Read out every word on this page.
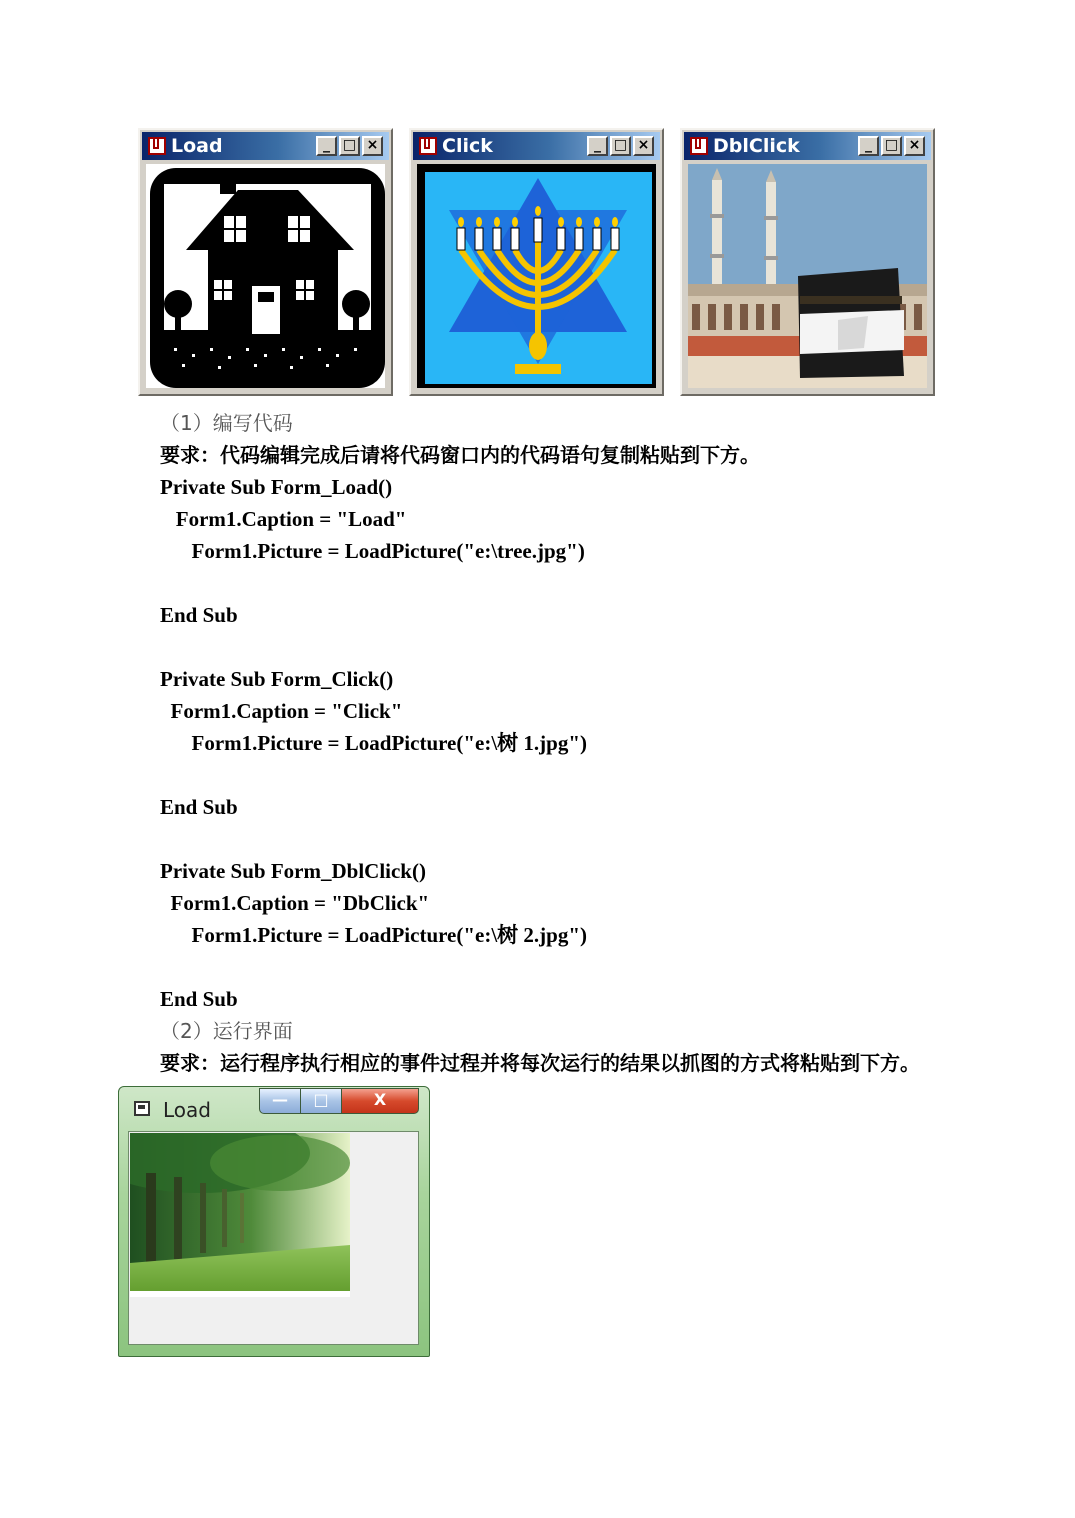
Load	_ □ ×	Click	_ □ ×	DblClick	_ □ ×
（1）编写代码
要求：代码编辑完成后请将代码窗口内的代码语句复制粘贴到下方。
Private Sub Form_Load()
Form1.Caption = "Load"
Form1.Picture = LoadPicture("e:\tree.jpg")
End Sub
Private Sub Form_Click()
Form1.Caption = "Click"
Form1.Picture = LoadPicture("e:\树 1.jpg")
End Sub
Private Sub Form_DblClick()
Form1.Caption = "DbClick"
Form1.Picture = LoadPicture("e:\树 2.jpg")
End Sub
（2）运行界面
要求：运行程序执行相应的事件过程并将每次运行的结果以抓图的方式将粘贴到下方。
Load	—	□	X
